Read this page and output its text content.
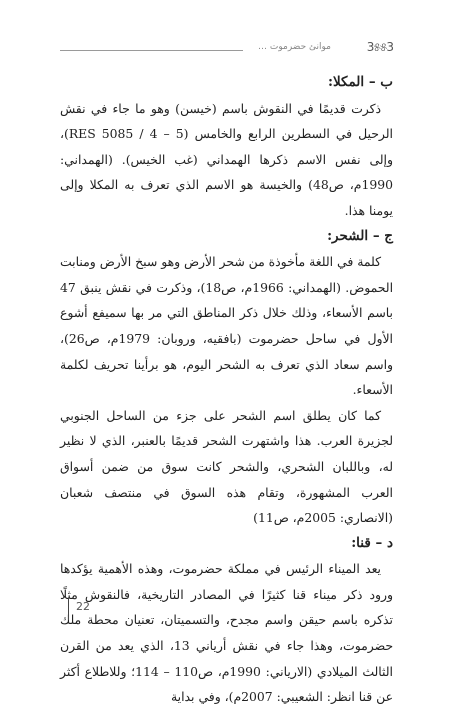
3୫୫3
موانئ حضرموت …

ب – المكلا:

ذكرت قديمًا في النقوش باسم (خيسن) وهو ما جاء في نقش الرحيل في السطرين الرابع والخامس (RES 5085 / 4 – 5)، وإلى نفس الاسم ذكرها الهمداني (غب الخيس). (الهمداني: 1990م، ص48) والخيسة هو الاسم الذي تعرف به المكلا وإلى يومنا هذا.

ج – الشحر:

كلمة في اللغة مأخوذة من شحر الأرض وهو سبخ الأرض ومنابت الحموض. (الهمداني: 1966م، ص18)، وذكرت في نقش ينبق 47 باسم الأسعاء، وذلك خلال ذكر المناطق التي مر بها سميفع أشوع الأول في ساحل حضرموت (بافقيه، وروبان: 1979م، ص26)، واسم سعاد الذي تعرف به الشحر اليوم، هو برأينا تحريف لكلمة الأسعاء.

كما كان يطلق اسم الشحر على جزء من الساحل الجنوبي لجزيرة العرب. هذا واشتهرت الشحر قديمًا بالعنبر، الذي لا نظير له، وباللبان الشحري، والشحر كانت سوق من ضمن أسواق العرب المشهورة، وتقام هذه السوق في منتصف شعبان (الانصاري: 2005م، ص11)

د – قنا:

يعد الميناء الرئيس في مملكة حضرموت، وهذه الأهمية يؤكدها ورود ذكر ميناء قنا كثيرًا في المصادر التاريخية، فالنقوش مثلًا تذكره باسم حيقن واسم مجدح، والتسميتان، تعنيان محطة ملك حضرموت، وهذا جاء في نقش أرياني 13، الذي يعد من القرن الثالث الميلادي (الارياني: 1990م، ص110 – 114؛ وللاطلاع أكثر عن قنا انظر: الشعيبي: 2007م)، وفي بداية

22
